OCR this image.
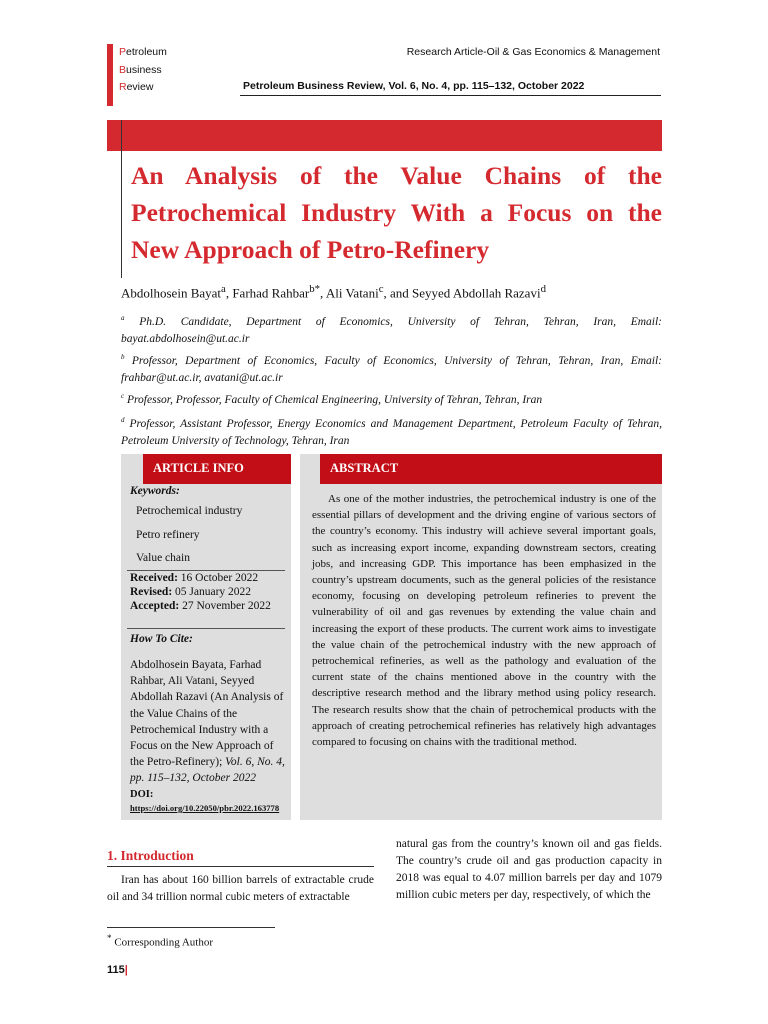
Petroleum
Business
Review
Research Article-Oil & Gas Economics & Management
Petroleum Business Review, Vol. 6, No. 4, pp. 115–132, October 2022
An Analysis of the Value Chains of the Petrochemical Industry With a Focus on the New Approach of Petro-Refinery
Abdolhosein Bayat$^a$, Farhad Rahbar$^{b*}$, Ali Vatani$^c$, and Seyyed Abdollah Razavi$^d$
$^a$ Ph.D. Candidate, Department of Economics, University of Tehran, Tehran, Iran, Email: bayat.abdolhosein@ut.ac.ir
$^b$ Professor, Department of Economics, Faculty of Economics, University of Tehran, Tehran, Iran, Email: frahbar@ut.ac.ir, avatani@ut.ac.ir
$^c$ Professor, Professor, Faculty of Chemical Engineering, University of Tehran, Tehran, Iran
$^d$ Professor, Assistant Professor, Energy Economics and Management Department, Petroleum Faculty of Tehran, Petroleum University of Technology, Tehran, Iran
ARTICLE INFO
Keywords:
Petrochemical industry
Petro refinery
Value chain
Received: 16 October 2022
Revised: 05 January 2022
Accepted: 27 November 2022
How To Cite:
Abdolhosein Bayata, Farhad Rahbar, Ali Vatani, Seyyed Abdollah Razavi (An Analysis of the Value Chains of the Petrochemical Industry with a Focus on the New Approach of the Petro-Refinery); Vol. 6, No. 4, pp. 115–132, October 2022
DOI:
https://doi.org/10.22050/pbr.2022.163778
ABSTRACT
As one of the mother industries, the petrochemical industry is one of the essential pillars of development and the driving engine of various sectors of the country’s economy. This industry will achieve several important goals, such as increasing export income, expanding downstream sectors, creating jobs, and increasing GDP. This importance has been emphasized in the country’s upstream documents, such as the general policies of the resistance economy, focusing on developing petroleum refineries to prevent the vulnerability of oil and gas revenues by extending the value chain and increasing the export of these products. The current work aims to investigate the value chain of the petrochemical industry with the new approach of petrochemical refineries, as well as the pathology and evaluation of the current state of the chains mentioned above in the country with the descriptive research method and the library method using policy research. The research results show that the chain of petrochemical products with the approach of creating petrochemical refineries has relatively high advantages compared to focusing on chains with the traditional method.
1. Introduction
Iran has about 160 billion barrels of extractable crude oil and 34 trillion normal cubic meters of extractable
natural gas from the country’s known oil and gas fields. The country’s crude oil and gas production capacity in 2018 was equal to 4.07 million barrels per day and 1079 million cubic meters per day, respectively, of which the
* Corresponding Author
115|
